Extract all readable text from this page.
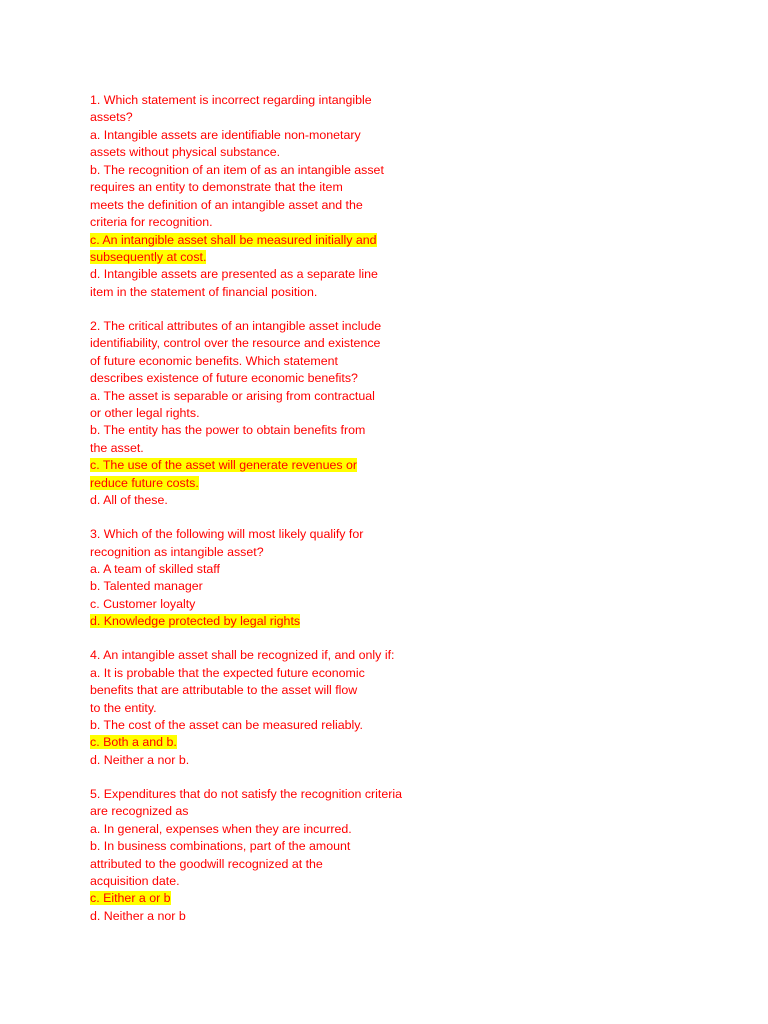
1. Which statement is incorrect regarding intangible
assets?
a. Intangible assets are identifiable non-monetary
assets without physical substance.
b. The recognition of an item of as an intangible asset
requires an entity to demonstrate that the item
meets the definition of an intangible asset and the
criteria for recognition.
c. An intangible asset shall be measured initially and
subsequently at cost.
d. Intangible assets are presented as a separate line
item in the statement of financial position.
2. The critical attributes of an intangible asset include
identifiability, control over the resource and existence
of future economic benefits. Which statement
describes existence of future economic benefits?
a. The asset is separable or arising from contractual
or other legal rights.
b. The entity has the power to obtain benefits from
the asset.
c. The use of the asset will generate revenues or
reduce future costs.
d. All of these.
3. Which of the following will most likely qualify for
recognition as intangible asset?
a. A team of skilled staff
b. Talented manager
c. Customer loyalty
d. Knowledge protected by legal rights
4. An intangible asset shall be recognized if, and only if:
a. It is probable that the expected future economic
benefits that are attributable to the asset will flow
to the entity.
b. The cost of the asset can be measured reliably.
c. Both a and b.
d. Neither a nor b.
5. Expenditures that do not satisfy the recognition criteria
are recognized as
a. In general, expenses when they are incurred.
b. In business combinations, part of the amount
attributed to the goodwill recognized at the
acquisition date.
c. Either a or b
d. Neither a nor b
